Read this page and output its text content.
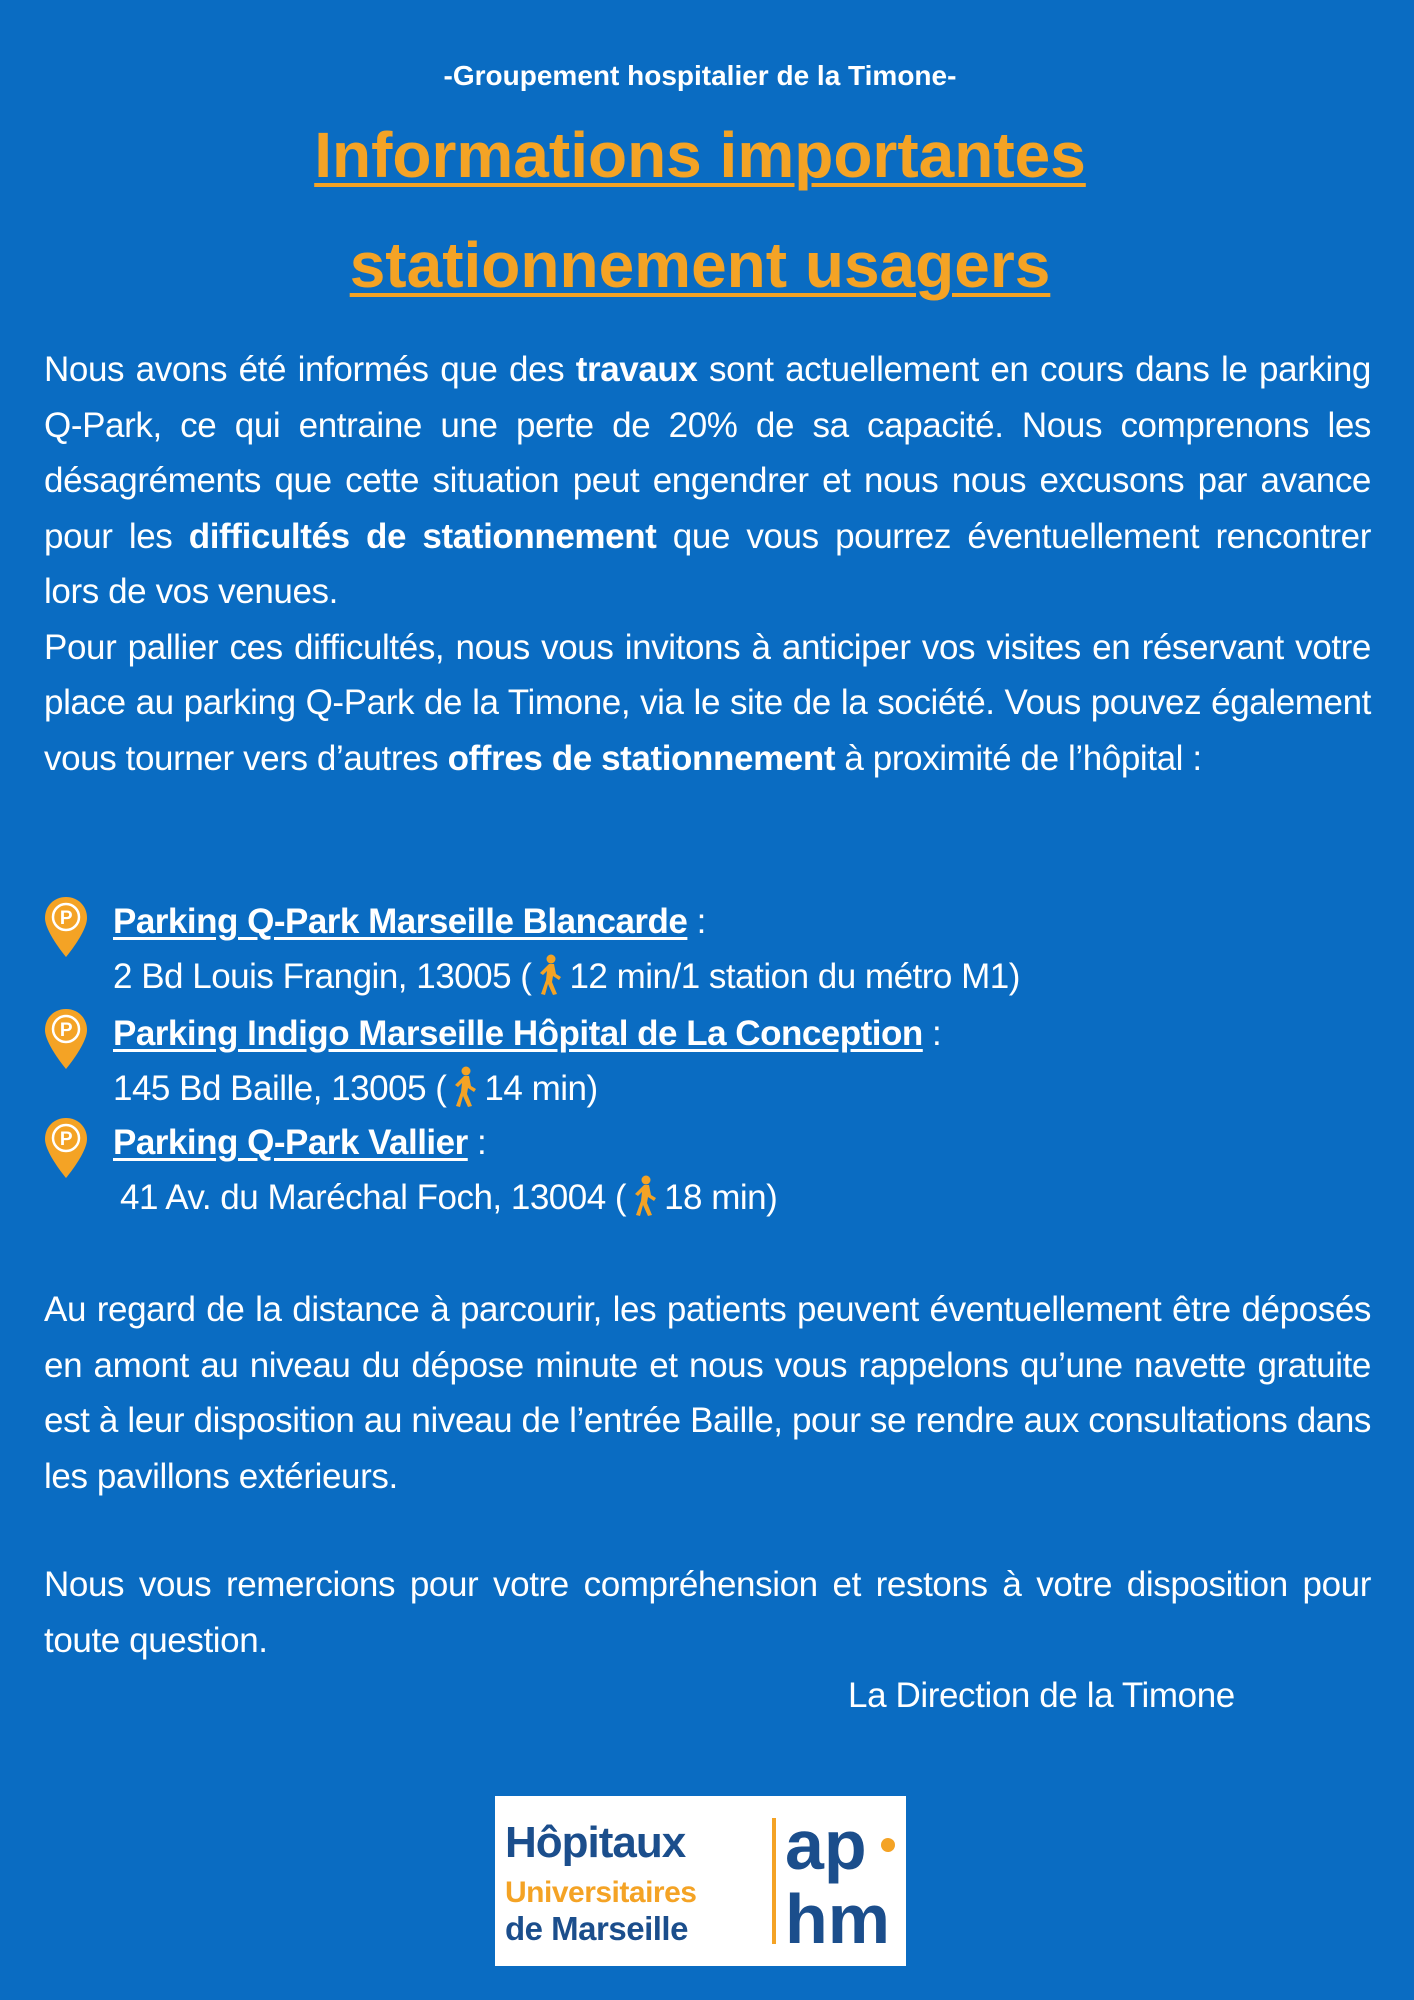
-Groupement hospitalier de la Timone-
Informations importantes
stationnement usagers
Nous avons été informés que des travaux sont actuellement en cours dans le parking Q-Park, ce qui entraine une perte de 20% de sa capacité. Nous comprenons les désagréments que cette situation peut engendrer et nous nous excusons par avance pour les difficultés de stationnement que vous pourrez éventuellement rencontrer lors de vos venues.
Pour pallier ces difficultés, nous vous invitons à anticiper vos visites en réservant votre place au parking Q-Park de la Timone, via le site de la société. Vous pouvez également vous tourner vers d’autres offres de stationnement à proximité de l’hôpital :
P	Parking Q-Park Marseille Blancarde :
2 Bd Louis Frangin, 13005 ( 12 min/1 station du métro M1)
P	Parking Indigo Marseille Hôpital de La Conception :
145 Bd Baille, 13005 ( 14 min)
P	Parking Q-Park Vallier :
41 Av. du Maréchal Foch, 13004 ( 18 min)
Au regard de la distance à parcourir, les patients peuvent éventuellement être déposés en amont au niveau du dépose minute et nous vous rappelons qu’une navette gratuite est à leur disposition au niveau de l’entrée Baille, pour se rendre aux consultations dans les pavillons extérieurs.
Nous vous remercions pour votre compréhension et restons à votre disposition pour toute question.
La Direction de la Timone
Hôpitaux
Universitaires
de Marseille
ap
hm
